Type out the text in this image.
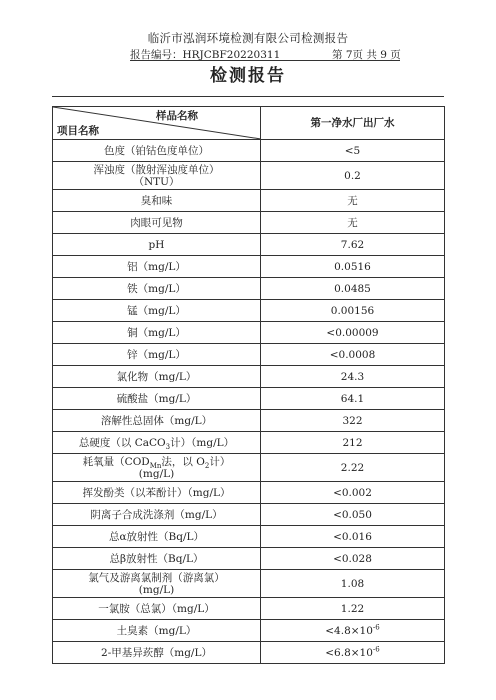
临沂市泓润环境检测有限公司检测报告
报告编号：HRJCBF20220311	第 7页 共 9 页
检测报告
样品名称
项目名称	第一净水厂出厂水
色度（铂钴色度单位）	<5
浑浊度（散射浑浊度单位）
（NTU）	0.2
臭和味	无
肉眼可见物	无
pH	7.62
铝（mg/L）	0.0516
铁（mg/L）	0.0485
锰（mg/L）	0.00156
铜（mg/L）	<0.00009
锌（mg/L）	<0.0008
氯化物（mg/L）	24.3
硫酸盐（mg/L）	64.1
溶解性总固体（mg/L）	322
总硬度（以 CaCO$_3$计）（mg/L）	212
耗氧量（$COD_{Mn}$法，以 $O_2$计）
(mg/L)	2.22
挥发酚类（以苯酚计）（mg/L）	<0.002
阴离子合成洗涤剂（mg/L）	<0.050
总α放射性（Bq/L）	<0.016
总β放射性（Bq/L）	<0.028
氯气及游离氯制剂（游离氯）
(mg/L)	1.08
一氯胺（总氯）（mg/L）	1.22
土臭素（mg/L）	$<4.8\times 10^{-6}$
2-甲基异莰醇（mg/L）	$<6.8\times 10^{-6}$
